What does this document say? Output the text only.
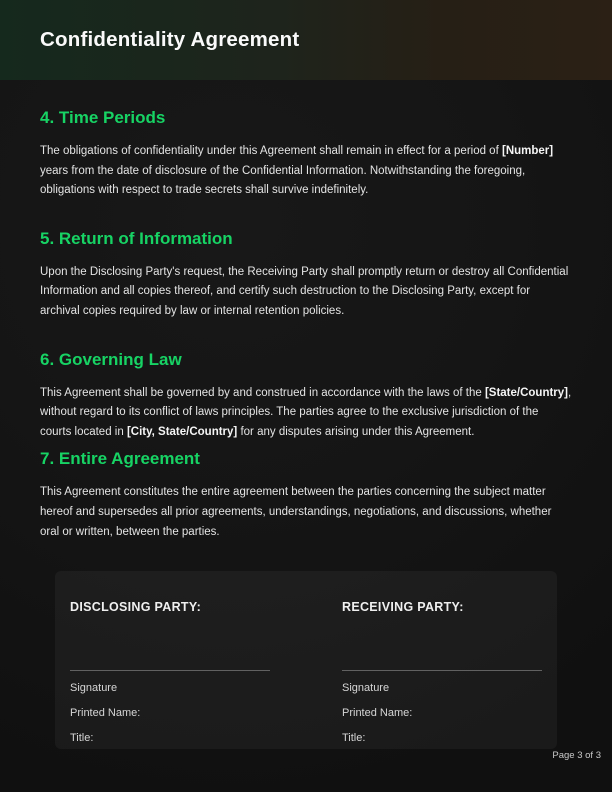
Confidentiality Agreement
4. Time Periods

The obligations of confidentiality under this Agreement shall remain in effect for a period of [Number] years from the date of disclosure of the Confidential Information. Notwithstanding the foregoing, obligations with respect to trade secrets shall survive indefinitely.

5. Return of Information

Upon the Disclosing Party's request, the Receiving Party shall promptly return or destroy all Confidential Information and all copies thereof, and certify such destruction to the Disclosing Party, except for archival copies required by law or internal retention policies.

6. Governing Law

This Agreement shall be governed by and construed in accordance with the laws of the [State/Country], without regard to its conflict of laws principles. The parties agree to the exclusive jurisdiction of the courts located in [City, State/Country] for any disputes arising under this Agreement.

7. Entire Agreement

This Agreement constitutes the entire agreement between the parties concerning the subject matter hereof and supersedes all prior agreements, understandings, negotiations, and discussions, whether oral or written, between the parties.

DISCLOSING PARTY:
Signature
Printed Name:
Title:
RECEIVING PARTY:
Signature
Printed Name:
Title:
Page 3 of 3
